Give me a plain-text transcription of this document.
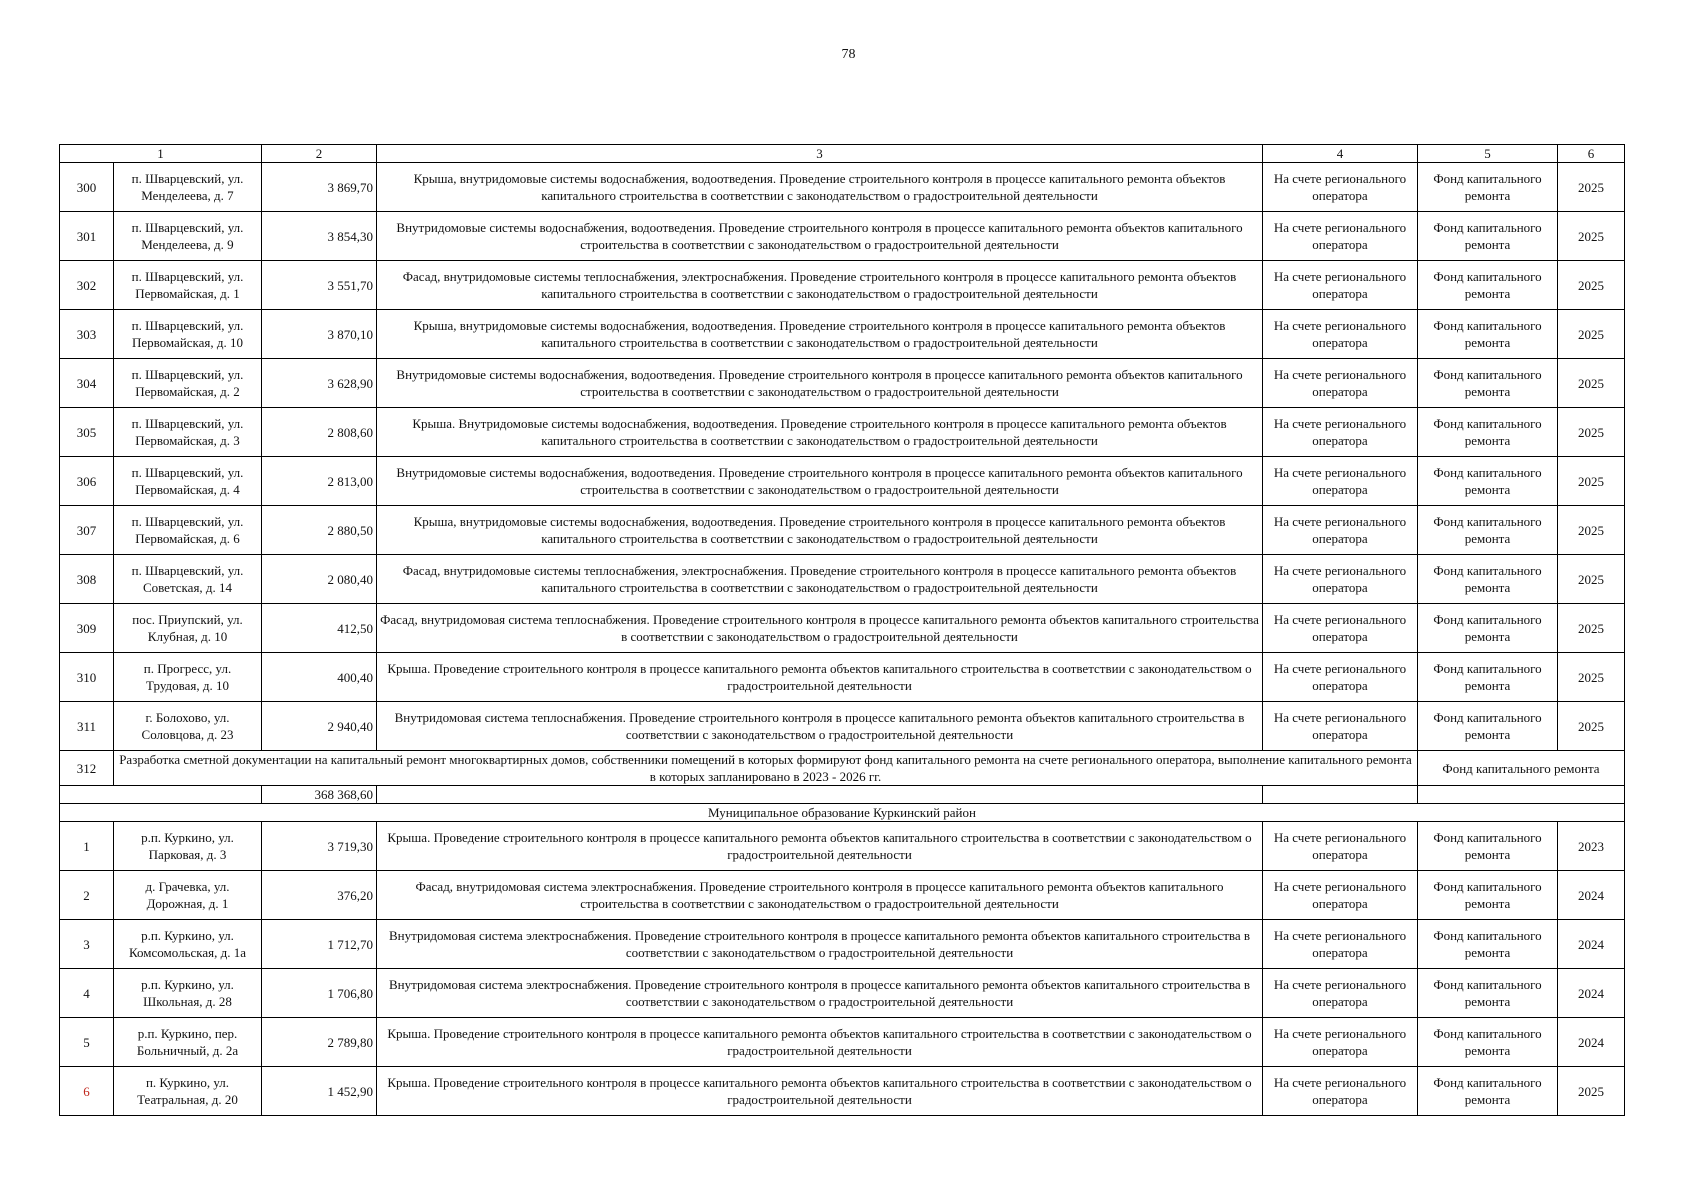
78
1		2	3	4	5	6
300	п. Шварцевский, ул. Менделеева, д. 7	3 869,70	Крыша, внутридомовые системы водоснабжения, водоотведения. Проведение строительного контроля в процессе капитального ремонта объектов капитального строительства в соответствии с законодательством о градостроительной деятельности	На счете регионального оператора	Фонд капитального ремонта	2025
301	п. Шварцевский, ул. Менделеева, д. 9	3 854,30	Внутридомовые системы водоснабжения, водоотведения. Проведение строительного контроля в процессе капитального ремонта объектов капитального строительства в соответствии с законодательством о градостроительной деятельности	На счете регионального оператора	Фонд капитального ремонта	2025
302	п. Шварцевский, ул. Первомайская, д. 1	3 551,70	Фасад, внутридомовые системы теплоснабжения, электроснабжения. Проведение строительного контроля в процессе капитального ремонта объектов капитального строительства в соответствии с законодательством о градостроительной деятельности	На счете регионального оператора	Фонд капитального ремонта	2025
303	п. Шварцевский, ул. Первомайская, д. 10	3 870,10	Крыша, внутридомовые системы водоснабжения, водоотведения. Проведение строительного контроля в процессе капитального ремонта объектов капитального строительства в соответствии с законодательством о градостроительной деятельности	На счете регионального оператора	Фонд капитального ремонта	2025
304	п. Шварцевский, ул. Первомайская, д. 2	3 628,90	Внутридомовые системы водоснабжения, водоотведения. Проведение строительного контроля в процессе капитального ремонта объектов капитального строительства в соответствии с законодательством о градостроительной деятельности	На счете регионального оператора	Фонд капитального ремонта	2025
305	п. Шварцевский, ул. Первомайская, д. 3	2 808,60	Крыша. Внутридомовые системы водоснабжения, водоотведения. Проведение строительного контроля в процессе капитального ремонта объектов капитального строительства в соответствии с законодательством о градостроительной деятельности	На счете регионального оператора	Фонд капитального ремонта	2025
306	п. Шварцевский, ул. Первомайская, д. 4	2 813,00	Внутридомовые системы водоснабжения, водоотведения. Проведение строительного контроля в процессе капитального ремонта объектов капитального строительства в соответствии с законодательством о градостроительной деятельности	На счете регионального оператора	Фонд капитального ремонта	2025
307	п. Шварцевский, ул. Первомайская, д. 6	2 880,50	Крыша, внутридомовые системы водоснабжения, водоотведения. Проведение строительного контроля в процессе капитального ремонта объектов капитального строительства в соответствии с законодательством о градостроительной деятельности	На счете регионального оператора	Фонд капитального ремонта	2025
308	п. Шварцевский, ул. Советская, д. 14	2 080,40	Фасад, внутридомовые системы теплоснабжения, электроснабжения. Проведение строительного контроля в процессе капитального ремонта объектов капитального строительства в соответствии с законодательством о градостроительной деятельности	На счете регионального оператора	Фонд капитального ремонта	2025
309	пос. Приупский, ул. Клубная, д. 10	412,50	Фасад, внутридомовая система теплоснабжения. Проведение строительного контроля в процессе капитального ремонта объектов капитального строительства в соответствии с законодательством о градостроительной деятельности	На счете регионального оператора	Фонд капитального ремонта	2025
310	п. Прогресс, ул. Трудовая, д. 10	400,40	Крыша. Проведение строительного контроля в процессе капитального ремонта объектов капитального строительства в соответствии с законодательством о градостроительной деятельности	На счете регионального оператора	Фонд капитального ремонта	2025
311	г. Болохово, ул. Соловцова, д. 23	2 940,40	Внутридомовая система теплоснабжения. Проведение строительного контроля в процессе капитального ремонта объектов капитального строительства в соответствии с законодательством о градостроительной деятельности	На счете регионального оператора	Фонд капитального ремонта	2025
312	Разработка сметной документации на капитальный ремонт многоквартирных домов, собственники помещений в которых формируют фонд капитального ремонта на счете регионального оператора, выполнение капитального ремонта в которых запланировано в 2023 - 2026 гг.				Фонд капитального ремонта	
		368 368,60				
Муниципальное образование Куркинский район						
1	р.п. Куркино, ул. Парковая, д. 3	3 719,30	Крыша. Проведение строительного контроля в процессе капитального ремонта объектов капитального строительства в соответствии с законодательством о градостроительной деятельности	На счете регионального оператора	Фонд капитального ремонта	2023
2	д. Грачевка, ул. Дорожная, д. 1	376,20	Фасад, внутридомовая система электроснабжения. Проведение строительного контроля в процессе капитального ремонта объектов капитального строительства в соответствии с законодательством о градостроительной деятельности	На счете регионального оператора	Фонд капитального ремонта	2024
3	р.п. Куркино, ул. Комсомольская, д. 1а	1 712,70	Внутридомовая система электроснабжения. Проведение строительного контроля в процессе капитального ремонта объектов капитального строительства в соответствии с законодательством о градостроительной деятельности	На счете регионального оператора	Фонд капитального ремонта	2024
4	р.п. Куркино, ул. Школьная, д. 28	1 706,80	Внутридомовая система электроснабжения. Проведение строительного контроля в процессе капитального ремонта объектов капитального строительства в соответствии с законодательством о градостроительной деятельности	На счете регионального оператора	Фонд капитального ремонта	2024
5	р.п. Куркино, пер. Больничный, д. 2а	2 789,80	Крыша. Проведение строительного контроля в процессе капитального ремонта объектов капитального строительства в соответствии с законодательством о градостроительной деятельности	На счете регионального оператора	Фонд капитального ремонта	2024
6	п. Куркино, ул. Театральная, д. 20	1 452,90	Крыша. Проведение строительного контроля в процессе капитального ремонта объектов капитального строительства в соответствии с законодательством о градостроительной деятельности	На счете регионального оператора	Фонд капитального ремонта	2025
